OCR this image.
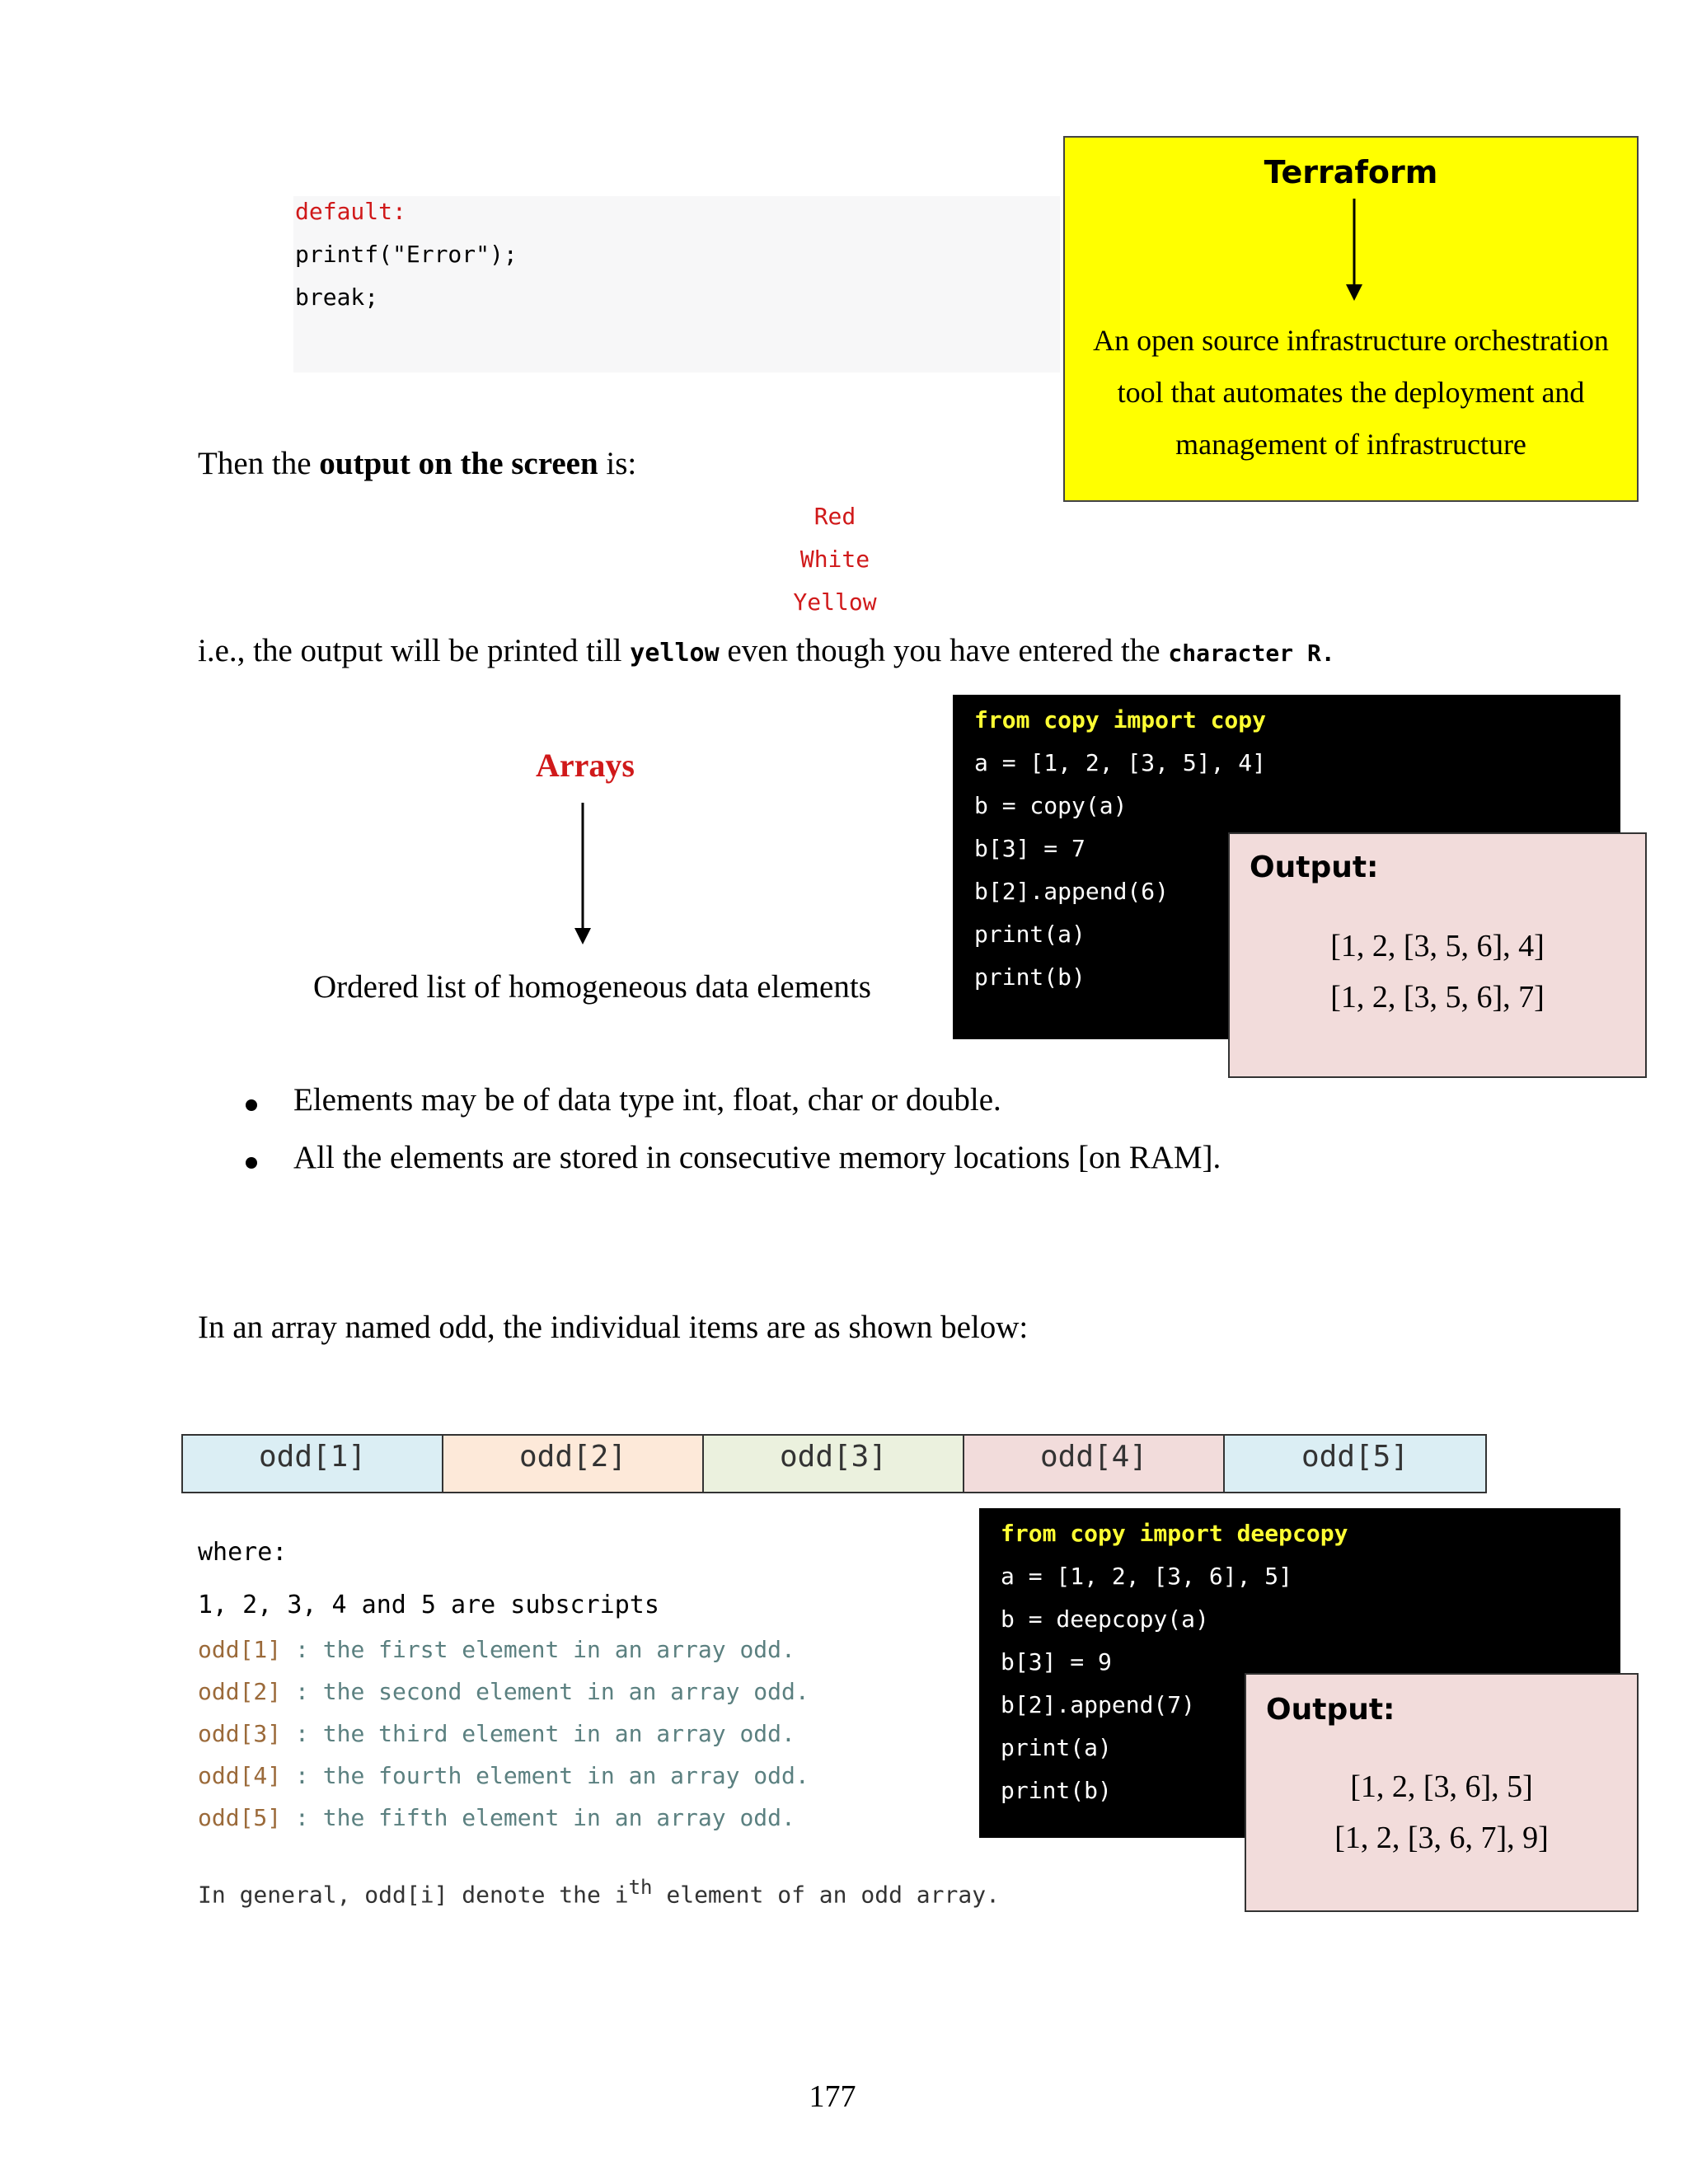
default:
printf("Error");
break;
Terraform
An open source infrastructure orchestration
tool that automates the deployment and
management of infrastructure
Then the output on the screen is:
Red
White
Yellow
i.e., the output will be printed till yellow even though you have entered the character R.
Arrays
Ordered list of homogeneous data elements
from copy import copy
a = [1, 2, [3, 5], 4]
b = copy(a)
b[3] = 7
b[2].append(6)
print(a)
print(b)
Output:
[1, 2, [3, 5, 6], 4]
[1, 2, [3, 5, 6], 7]
Elements may be of data type int, float, char or double.
All the elements are stored in consecutive memory locations [on RAM].
In an array named odd, the individual items are as shown below:
odd[1]	odd[2]	odd[3]	odd[4]	odd[5]
where:
1, 2, 3, 4 and 5 are subscripts
odd[1] : the first element in an array odd.
odd[2] : the second element in an array odd.
odd[3] : the third element in an array odd.
odd[4] : the fourth element in an array odd.
odd[5] : the fifth element in an array odd.
In general, odd[i] denote the $i^{th}$ element of an odd array.
from copy import deepcopy
a = [1, 2, [3, 6], 5]
b = deepcopy(a)
b[3] = 9
b[2].append(7)
print(a)
print(b)
Output:
[1, 2, [3, 6], 5]
[1, 2, [3, 6, 7], 9]
177
